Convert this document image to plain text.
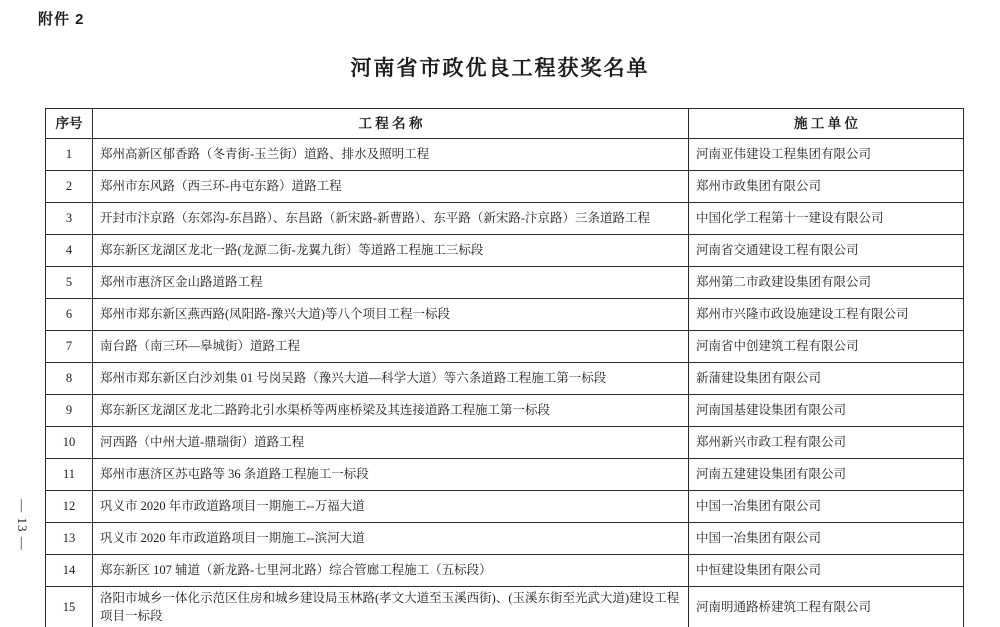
附件 2
河南省市政优良工程获奖名单
序号	工 程 名 称	施 工 单 位
1	郑州高新区郁香路（冬青街-玉兰街）道路、排水及照明工程	河南亚伟建设工程集团有限公司
2	郑州市东风路（西三环-冉屯东路）道路工程	郑州市政集团有限公司
3	开封市汴京路（东郊沟-东昌路）、东昌路（新宋路-新曹路）、东平路（新宋路-汴京路）三条道路工程	中国化学工程第十一建设有限公司
4	郑东新区龙湖区龙北一路(龙源二街-龙翼九街）等道路工程施工三标段	河南省交通建设工程有限公司
5	郑州市惠济区金山路道路工程	郑州第二市政建设集团有限公司
6	郑州市郑东新区燕西路(凤阳路-豫兴大道)等八个项目工程一标段	郑州市兴隆市政设施建设工程有限公司
7	南台路（南三环—皋城街）道路工程	河南省中创建筑工程有限公司
8	郑州市郑东新区白沙刘集 01 号岗吴路（豫兴大道—科学大道）等六条道路工程施工第一标段	新蒲建设集团有限公司
9	郑东新区龙湖区龙北二路跨北引水渠桥等两座桥梁及其连接道路工程施工第一标段	河南国基建设集团有限公司
10	河西路（中州大道-鼎瑞街）道路工程	郑州新兴市政工程有限公司
11	郑州市惠济区苏屯路等 36 条道路工程施工一标段	河南五建建设集团有限公司
12	巩义市 2020 年市政道路项目一期施工--万福大道	中国一冶集团有限公司
13	巩义市 2020 年市政道路项目一期施工--滨河大道	中国一冶集团有限公司
14	郑东新区 107 辅道（新龙路-七里河北路）综合管廊工程施工（五标段）	中恒建设集团有限公司
15	洛阳市城乡一体化示范区住房和城乡建设局玉林路(孝文大道至玉溪西街)、(玉溪东街至光武大道)建设工程项目一标段	河南明通路桥建筑工程有限公司
— 13 —
